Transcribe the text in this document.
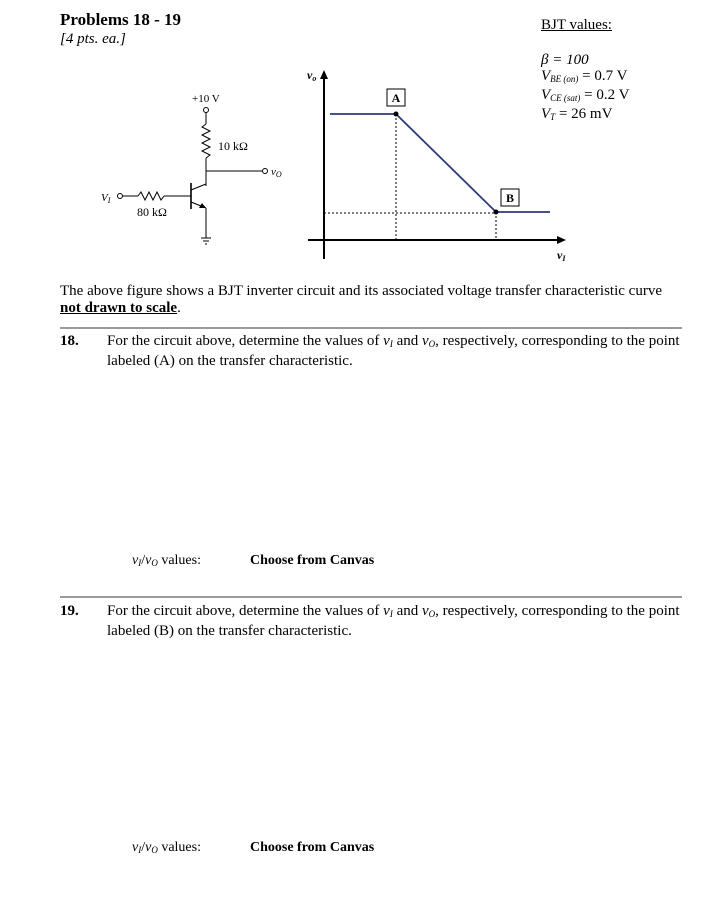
Problems 18 - 19
[4 pts. ea.]
BJT values:
β = 100
$V_{BE (on)} = 0.7$ V
$V_{CE (sat)} = 0.2$ V
$V_T = 26$ mV
+10 V
10 kΩ
vO
VI
80 kΩ
vo
vI
A
B
The above figure shows a BJT inverter circuit and its associated voltage transfer characteristic curve not drawn to scale.
18. For the circuit above, determine the values of $v_I$ and $v_O$, respectively, corresponding to the point labeled (A) on the transfer characteristic.
$v_I/v_O$ values:	Choose from Canvas
19. For the circuit above, determine the values of $v_I$ and $v_O$, respectively, corresponding to the point labeled (B) on the transfer characteristic.
$v_I/v_O$ values:	Choose from Canvas
